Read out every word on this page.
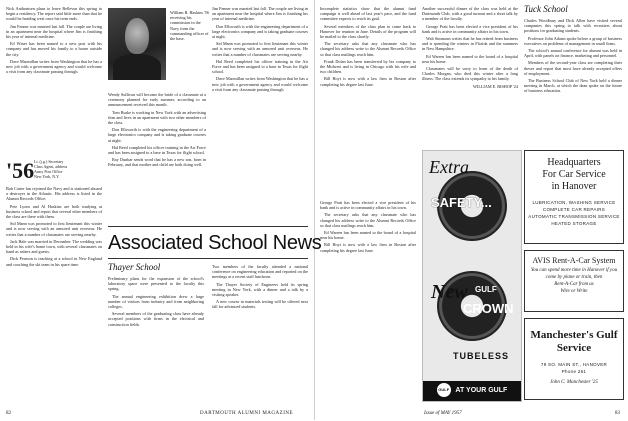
Nick Anthonisen plans to leave Bellevue this spring to begin a residency. The report said little more than that he would be heading west once his term ends.

Jim Fenner was married last fall. The couple are living in an apartment near the hospital where Jim is finishing his year of internal medicine.

Ed Winer has been named to a new post with his company and has moved his family to a house outside the city.

Dave Macmillan writes from Washington that he has a new job with a government agency and would welcome a visit from any classmate passing through.

'56 Lt. (j.g.) Secretary
Class Agent, address
Army Post Office
New York, N.Y.

Bob Carter has rejoined the Navy and is stationed aboard a destroyer in the Atlantic. His address is listed in the Alumni Records Office.

Pete Lyons and Al Haskins are both studying at business school and report that several other members of the class are there with them.

Sid Mann was promoted to first lieutenant this winter and is now serving with an armored unit overseas. He writes that a number of classmates are serving nearby.

Jack Hale was married in December. The wedding was held in his wife's home town, with several classmates on hand as ushers and guests.

Dick Pearson is teaching at a school in New England and coaching the ski team in his spare time.

William R. Haskins '56 receiving his commission in the Navy from the commanding officer of the base.

Wendy Sullivan will become the bride of a classmate at a ceremony planned for early summer, according to an announcement received this month.

Tom Burke is working in New York with an advertising firm and lives in an apartment with two other members of the class.

Don Ellsworth is with the engineering department of a large electronics company and is taking graduate courses at night.

Hal Reed completed his officer training in the Air Force and has been assigned to a base in Texas for flight school.

Ray Dunbar sends word that he has a new son, born in February, and that mother and child are both doing well.

Jim Fenner was married last fall. The couple are living in an apartment near the hospital where Jim is finishing his year of internal medicine.

Don Ellsworth is with the engineering department of a large electronics company and is taking graduate courses at night.

Sid Mann was promoted to first lieutenant this winter and is now serving with an armored unit overseas. He writes that a number of classmates are serving nearby.

Hal Reed completed his officer training in the Air Force and has been assigned to a base in Texas for flight school.

Dave Macmillan writes from Washington that he has a new job with a government agency and would welcome a visit from any classmate passing through.

Associated School News
Thayer School

Preliminary plans for the expansion of the school's laboratory space were presented to the faculty this spring.

The annual engineering exhibition drew a large number of visitors from industry and from neighboring colleges.

Several members of the graduating class have already accepted positions with firms in the electrical and construction fields.

Two members of the faculty attended a national conference on engineering education and reported on the meetings at a recent staff luncheon.

The Thayer Society of Engineers held its spring meeting in New York, with a dinner and a talk by a visiting speaker.

A new course in materials testing will be offered next fall for advanced students.

82	DARTMOUTH ALUMNI MAGAZINE

Incomplete statistics show that the alumni fund campaign is well ahead of last year's pace, and the fund committee expects to reach its goal.

Several members of the class plan to come back to Hanover for reunion in June. Details of the program will be mailed to the class shortly.

The secretary asks that any classmate who has changed his address write to the Alumni Records Office so that class mailings reach him.

Frank Dolan has been transferred by his company to the Midwest and is living in Chicago with his wife and two children.

Bill Hoyt is now with a law firm in Boston after completing his degree last June.

Another successful dinner of the class was held at the Dartmouth Club, with a good turnout and a short talk by a member of the faculty.

George Pratt has been elected a vice president of his bank and is active in community affairs in his town.

Walt Simmons writes that he has retired from business and is spending the winters in Florida and the summers in New Hampshire.

Ed Warren has been named to the board of a hospital near his home.

Classmates will be sorry to learn of the death of Charles Morgan, who died this winter after a long illness. The class extends its sympathy to his family.

WILLIAM E. BISHOP '24

Tuck School

Charles Woodbury and Dick Allen have visited several companies this spring to talk with recruiters about positions for graduating students.

Professor John Adams spoke before a group of business executives on problems of management in small firms.

The school's annual conference for alumni was held in April, with panels on finance, marketing and personnel.

Members of the second-year class are completing their theses and report that most have already accepted offers of employment.

The Business School Club of New York held a dinner meeting in March, at which the dean spoke on the future of business education.

George Pratt has been elected a vice president of his bank and is active in community affairs in his town.

The secretary asks that any classmate who has changed his address write to the Alumni Records Office so that class mailings reach him.

Ed Warren has been named to the board of a hospital near his home.

Bill Hoyt is now with a law firm in Boston after completing his degree last June.

Extra
SAFETY...
New GULF
CROWN
TUBELESS
GULF AT YOUR GULF DEALER'S
Headquarters
For Car Service
in Hanover
LUBRICATION, WASHING SERVICE
COMPLETE CAR REPAIRS
AUTOMATIC TRANSMISSION SERVICE
HEATED STORAGE
AVIS Rent-A-Car System
You can spend more time in Hanover if you
come by plane or train, then
Rent-A-Car from us
Wire or Write
Manchester's Gulf Service
79 SO. MAIN ST., HANOVER
Phone 261
John C. Manchester '25
Issue of MAY 1957	83
